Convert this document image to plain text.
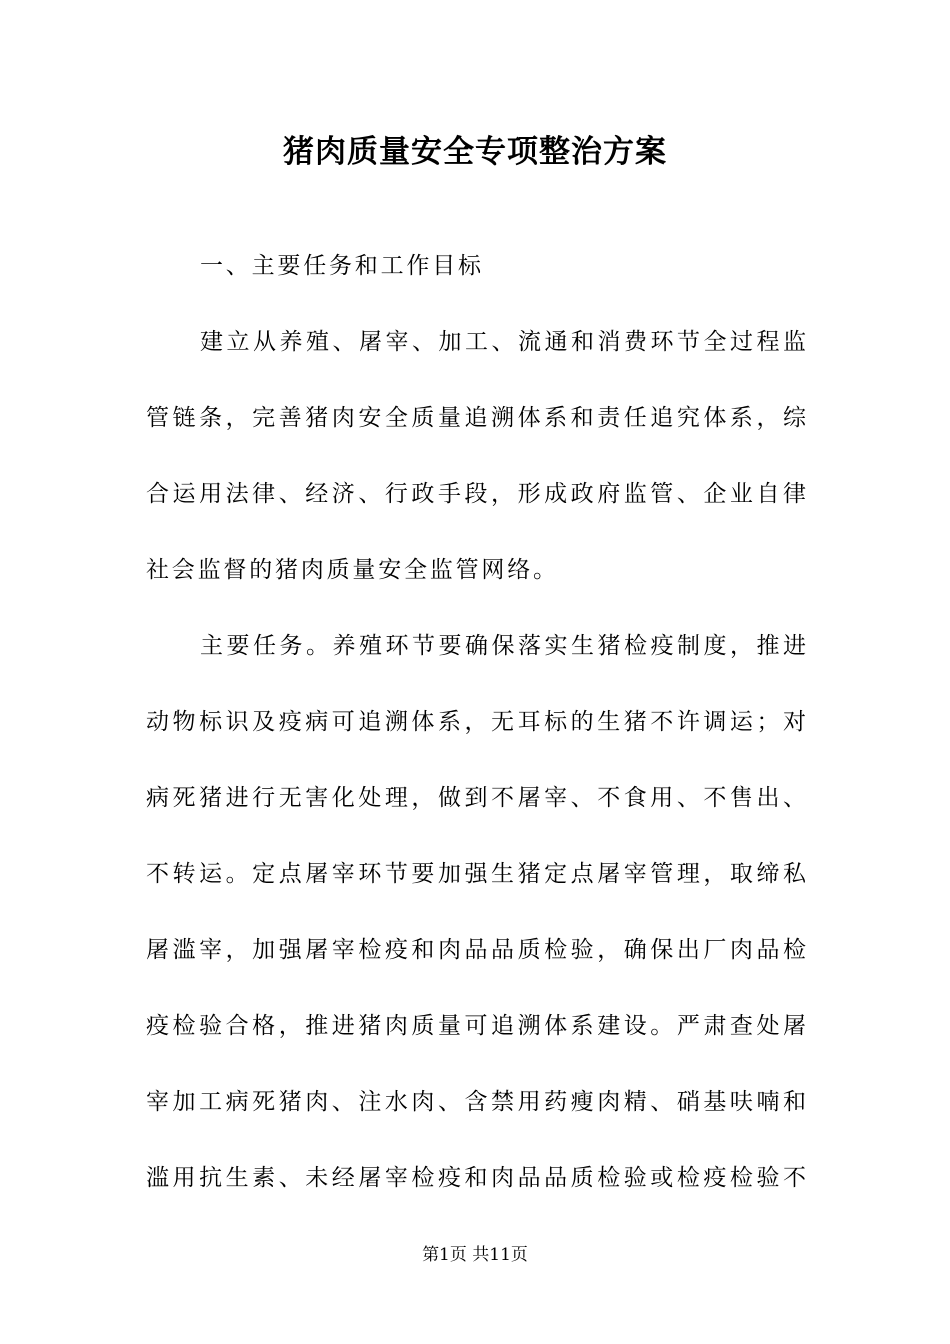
猪肉质量安全专项整治方案
一、主要任务和工作目标
建立从养殖、屠宰、加工、流通和消费环节全过程监
管链条，完善猪肉安全质量追溯体系和责任追究体系，综
合运用法律、经济、行政手段，形成政府监管、企业自律
社会监督的猪肉质量安全监管网络。
主要任务。养殖环节要确保落实生猪检疫制度，推进
动物标识及疫病可追溯体系，无耳标的生猪不许调运；对
病死猪进行无害化处理，做到不屠宰、不食用、不售出、
不转运。定点屠宰环节要加强生猪定点屠宰管理，取缔私
屠滥宰，加强屠宰检疫和肉品品质检验，确保出厂肉品检
疫检验合格，推进猪肉质量可追溯体系建设。严肃查处屠
宰加工病死猪肉、注水肉、含禁用药瘦肉精、硝基呋喃和
滥用抗生素、未经屠宰检疫和肉品品质检验或检疫检验不
第1页 共11页
